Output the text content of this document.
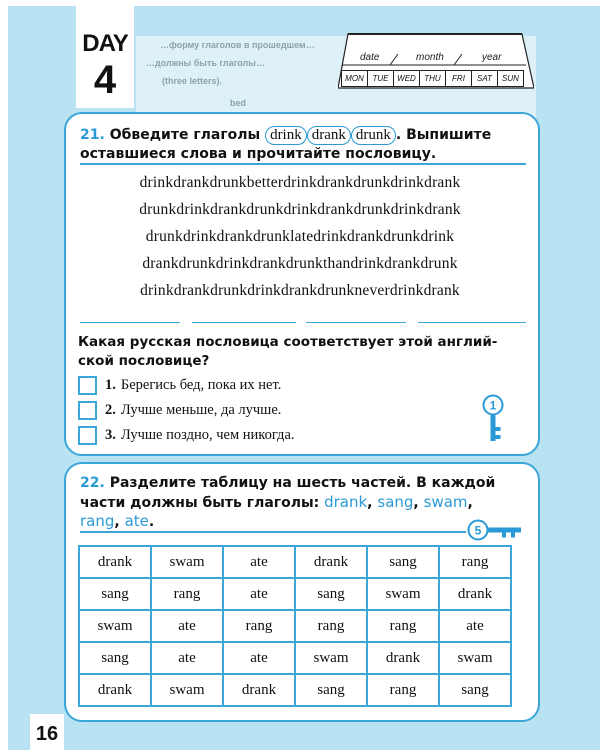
…форму глаголов в прошедшем…
…должны быть глаголы…
(three letters).
bed
DAY
4
date	month	year
MON	TUE	WED	THU	FRI	SAT	SUN
21. Обведите глаголы drink drank drunk . Выпишите
оставшиеся слова и прочитайте пословицу.
drinkdrankdrunkbetterdrinkdrankdrunkdrinkdrank
drunkdrinkdrankdrunkdrinkdrankdrunkdrinkdrank
drunkdrinkdrankdrunklatedrinkdrankdrunkdrink
drankdrunkdrinkdrankdrunkthandrinkdrankdrunk
drinkdrankdrunkdrinkdrankdrunkneverdrinkdrank
Какая русская пословица соответствует этой англий-
ской пословице?
1. Берегись бед, пока их нет.
2. Лучше меньше, да лучше.
3. Лучше поздно, чем никогда.
1
22. Разделите таблицу на шесть частей. В каждой
части должны быть глаголы: drank, sang, swam,
rang, ate.
5
drank	swam	ate	drank	sang	rang
sang	rang	ate	sang	swam	drank
swam	ate	rang	rang	rang	ate
sang	ate	ate	swam	drank	swam
drank	swam	drank	sang	rang	sang
16
